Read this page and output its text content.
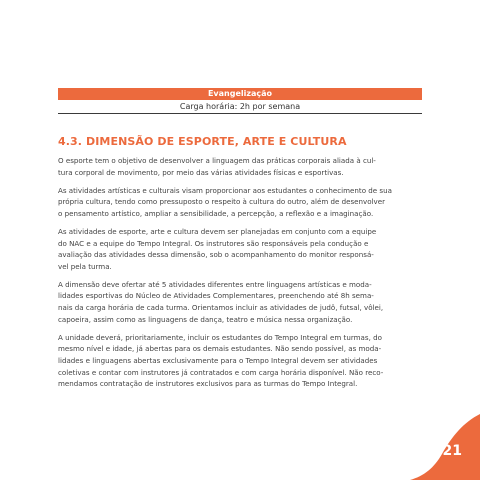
Evangelização
Carga horária: 2h por semana
4.3. DIMENSÃO DE ESPORTE, ARTE E CULTURA

O esporte tem o objetivo de desenvolver a linguagem das práticas corporais aliada à cul-
tura corporal de movimento, por meio das várias atividades físicas e esportivas.

As atividades artísticas e culturais visam proporcionar aos estudantes o conhecimento de sua
própria cultura, tendo como pressuposto o respeito à cultura do outro, além de desenvolver
o pensamento artístico, ampliar a sensibilidade, a percepção, a reflexão e a imaginação.

As atividades de esporte, arte e cultura devem ser planejadas em conjunto com a equipe
do NAC e a equipe do Tempo Integral. Os instrutores são responsáveis pela condução e
avaliação das atividades dessa dimensão, sob o acompanhamento do monitor responsá-
vel pela turma.

A dimensão deve ofertar até 5 atividades diferentes entre linguagens artísticas e moda-
lidades esportivas do Núcleo de Atividades Complementares, preenchendo até 8h sema-
nais da carga horária de cada turma. Orientamos incluir as atividades de judô, futsal, vôlei,
capoeira, assim como as linguagens de dança, teatro e música nessa organização.

A unidade deverá, prioritariamente, incluir os estudantes do Tempo Integral em turmas, do
mesmo nível e idade, já abertas para os demais estudantes. Não sendo possível, as moda-
lidades e linguagens abertas exclusivamente para o Tempo Integral devem ser atividades
coletivas e contar com instrutores já contratados e com carga horária disponível. Não reco-
mendamos contratação de instrutores exclusivos para as turmas do Tempo Integral.

21
